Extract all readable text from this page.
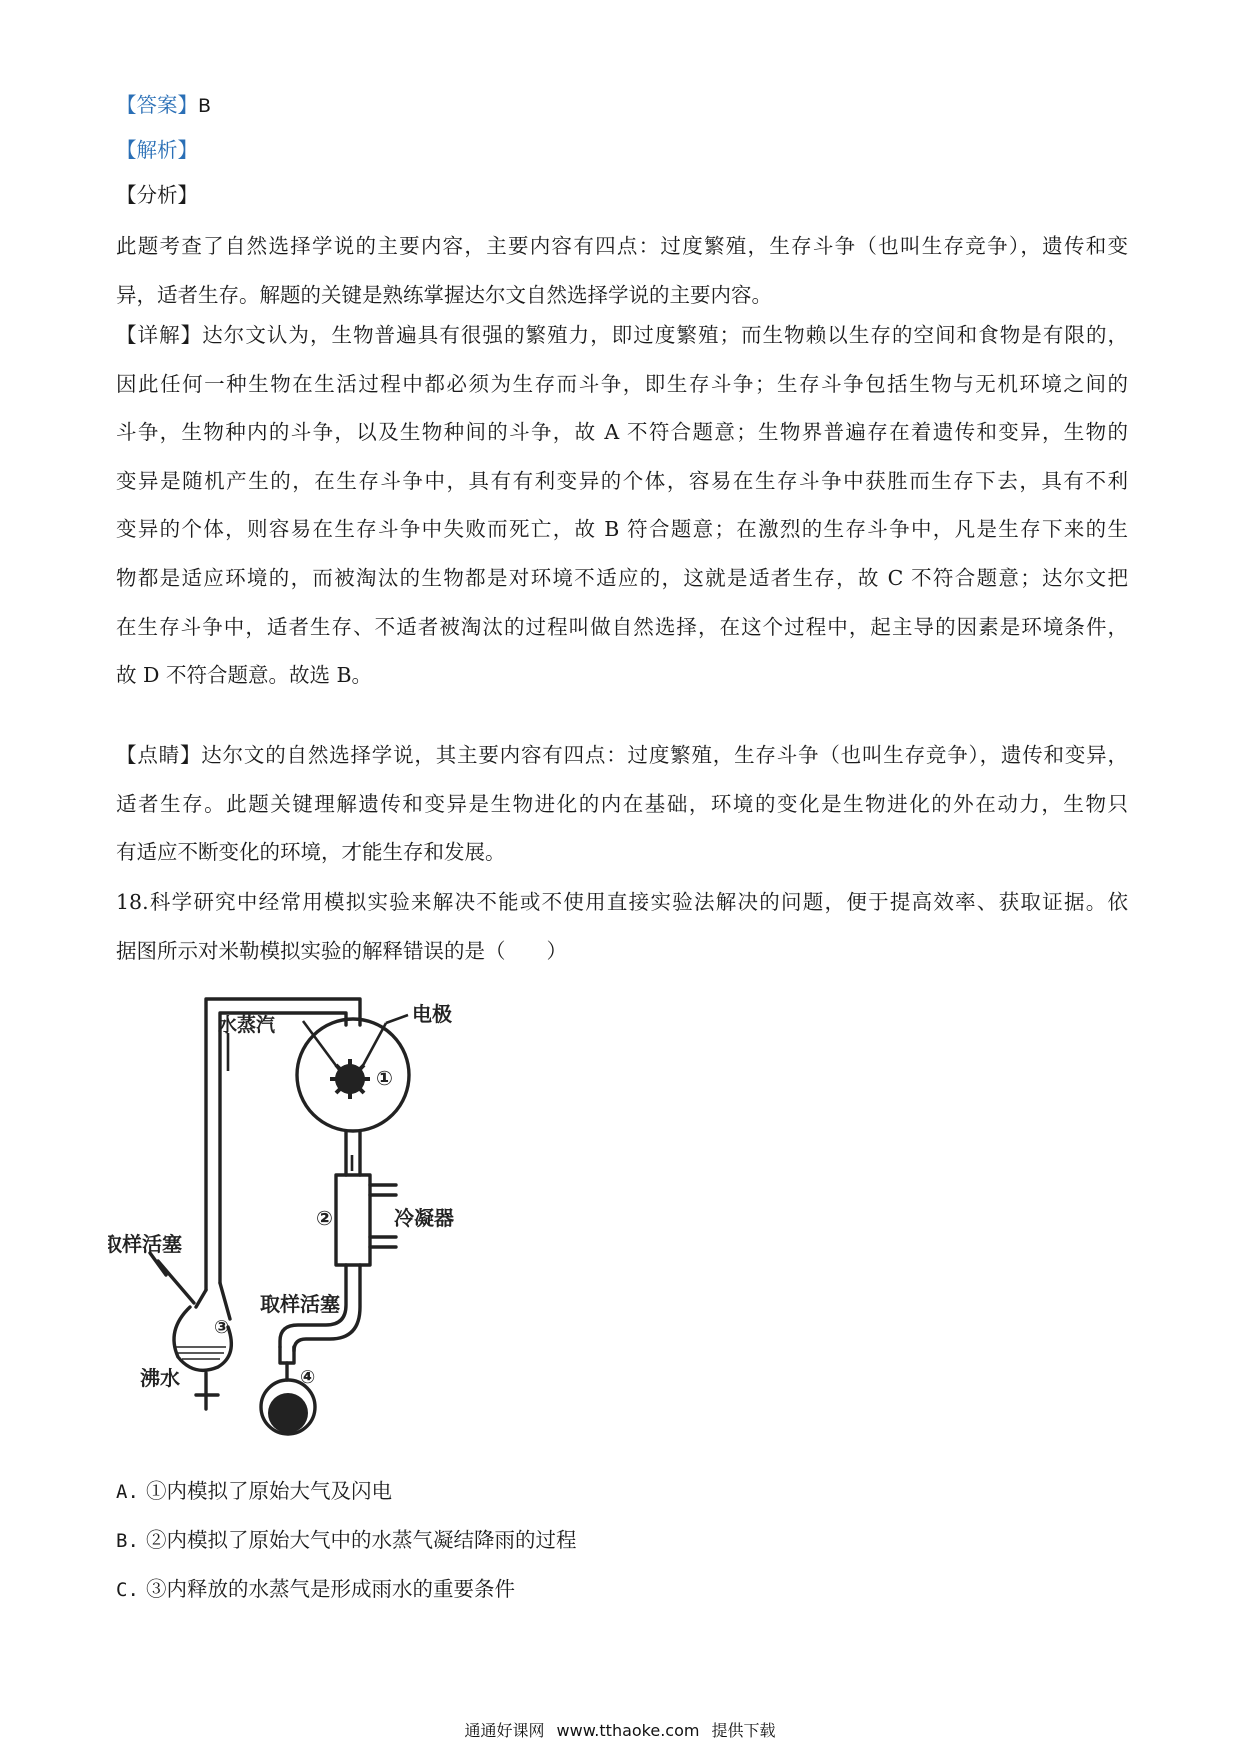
【答案】B
【解析】
【分析】
此题考查了自然选择学说的主要内容，主要内容有四点：过度繁殖，生存斗争（也叫生存竞争），遗传和变
异，适者生存。解题的关键是熟练掌握达尔文自然选择学说的主要内容。
【详解】达尔文认为，生物普遍具有很强的繁殖力，即过度繁殖；而生物赖以生存的空间和食物是有限的，
因此任何一种生物在生活过程中都必须为生存而斗争，即生存斗争；生存斗争包括生物与无机环境之间的
斗争，生物种内的斗争，以及生物种间的斗争，故 A 不符合题意；生物界普遍存在着遗传和变异，生物的
变异是随机产生的，在生存斗争中，具有有利变异的个体，容易在生存斗争中获胜而生存下去，具有不利
变异的个体，则容易在生存斗争中失败而死亡，故 B 符合题意；在激烈的生存斗争中，凡是生存下来的生
物都是适应环境的，而被淘汰的生物都是对环境不适应的，这就是适者生存，故 C 不符合题意；达尔文把
在生存斗争中，适者生存、不适者被淘汰的过程叫做自然选择，在这个过程中，起主导的因素是环境条件，
故 D 不符合题意。故选 B。
【点睛】达尔文的自然选择学说，其主要内容有四点：过度繁殖，生存斗争（也叫生存竞争），遗传和变异，
适者生存。此题关键理解遗传和变异是生物进化的内在基础，环境的变化是生物进化的外在动力，生物只
有适应不断变化的环境，才能生存和发展。
18.科学研究中经常用模拟实验来解决不能或不使用直接实验法解决的问题，便于提高效率、获取证据。依
据图所示对米勒模拟实验的解释错误的是（　　）
水蒸汽	电极
冷凝器
取样活塞
取样活塞
沸水
①
②
③
④
A. ①内模拟了原始大气及闪电
B. ②内模拟了原始大气中的水蒸气凝结降雨的过程
C. ③内释放的水蒸气是形成雨水的重要条件
通通好课网 www.tthaoke.com 提供下载
